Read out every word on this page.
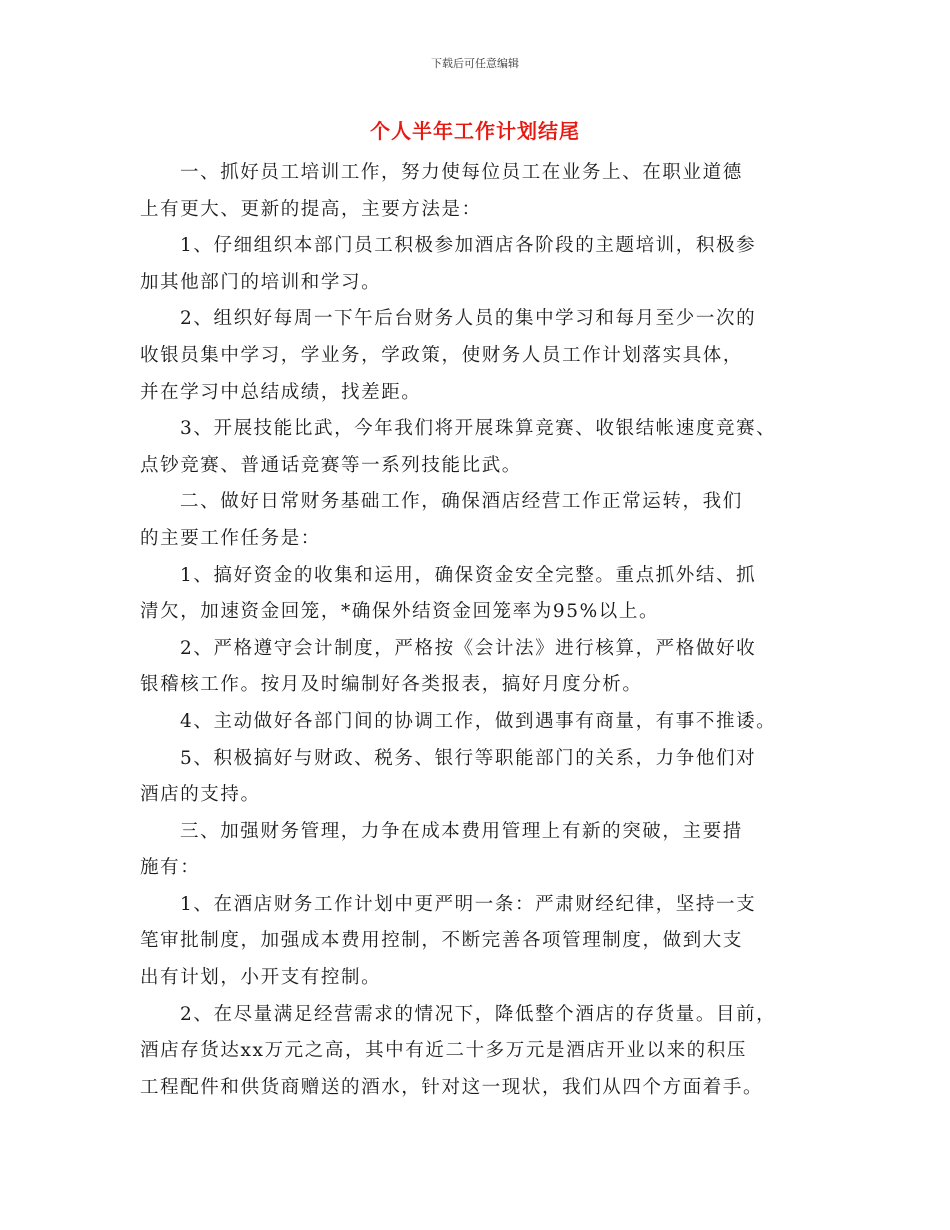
下载后可任意编辑
个人半年工作计划结尾
一、抓好员工培训工作，努力使每位员工在业务上、在职业道德
上有更大、更新的提高，主要方法是：
1、仔细组织本部门员工积极参加酒店各阶段的主题培训，积极参
加其他部门的培训和学习。
2、组织好每周一下午后台财务人员的集中学习和每月至少一次的
收银员集中学习，学业务，学政策，使财务人员工作计划落实具体，
并在学习中总结成绩，找差距。
3、开展技能比武，今年我们将开展珠算竞赛、收银结帐速度竞赛、
点钞竞赛、普通话竞赛等一系列技能比武。
二、做好日常财务基础工作，确保酒店经营工作正常运转，我们
的主要工作任务是：
1、搞好资金的收集和运用，确保资金安全完整。重点抓外结、抓
清欠，加速资金回笼，*确保外结资金回笼率为95%以上。
2、严格遵守会计制度，严格按《会计法》进行核算，严格做好收
银稽核工作。按月及时编制好各类报表，搞好月度分析。
4、主动做好各部门间的协调工作，做到遇事有商量，有事不推诿。
5、积极搞好与财政、税务、银行等职能部门的关系，力争他们对
酒店的支持。
三、加强财务管理，力争在成本费用管理上有新的突破，主要措
施有：
1、在酒店财务工作计划中更严明一条：严肃财经纪律，坚持一支
笔审批制度，加强成本费用控制，不断完善各项管理制度，做到大支
出有计划，小开支有控制。
2、在尽量满足经营需求的情况下，降低整个酒店的存货量。目前，
酒店存货达xx万元之高，其中有近二十多万元是酒店开业以来的积压
工程配件和供货商赠送的酒水，针对这一现状，我们从四个方面着手。
